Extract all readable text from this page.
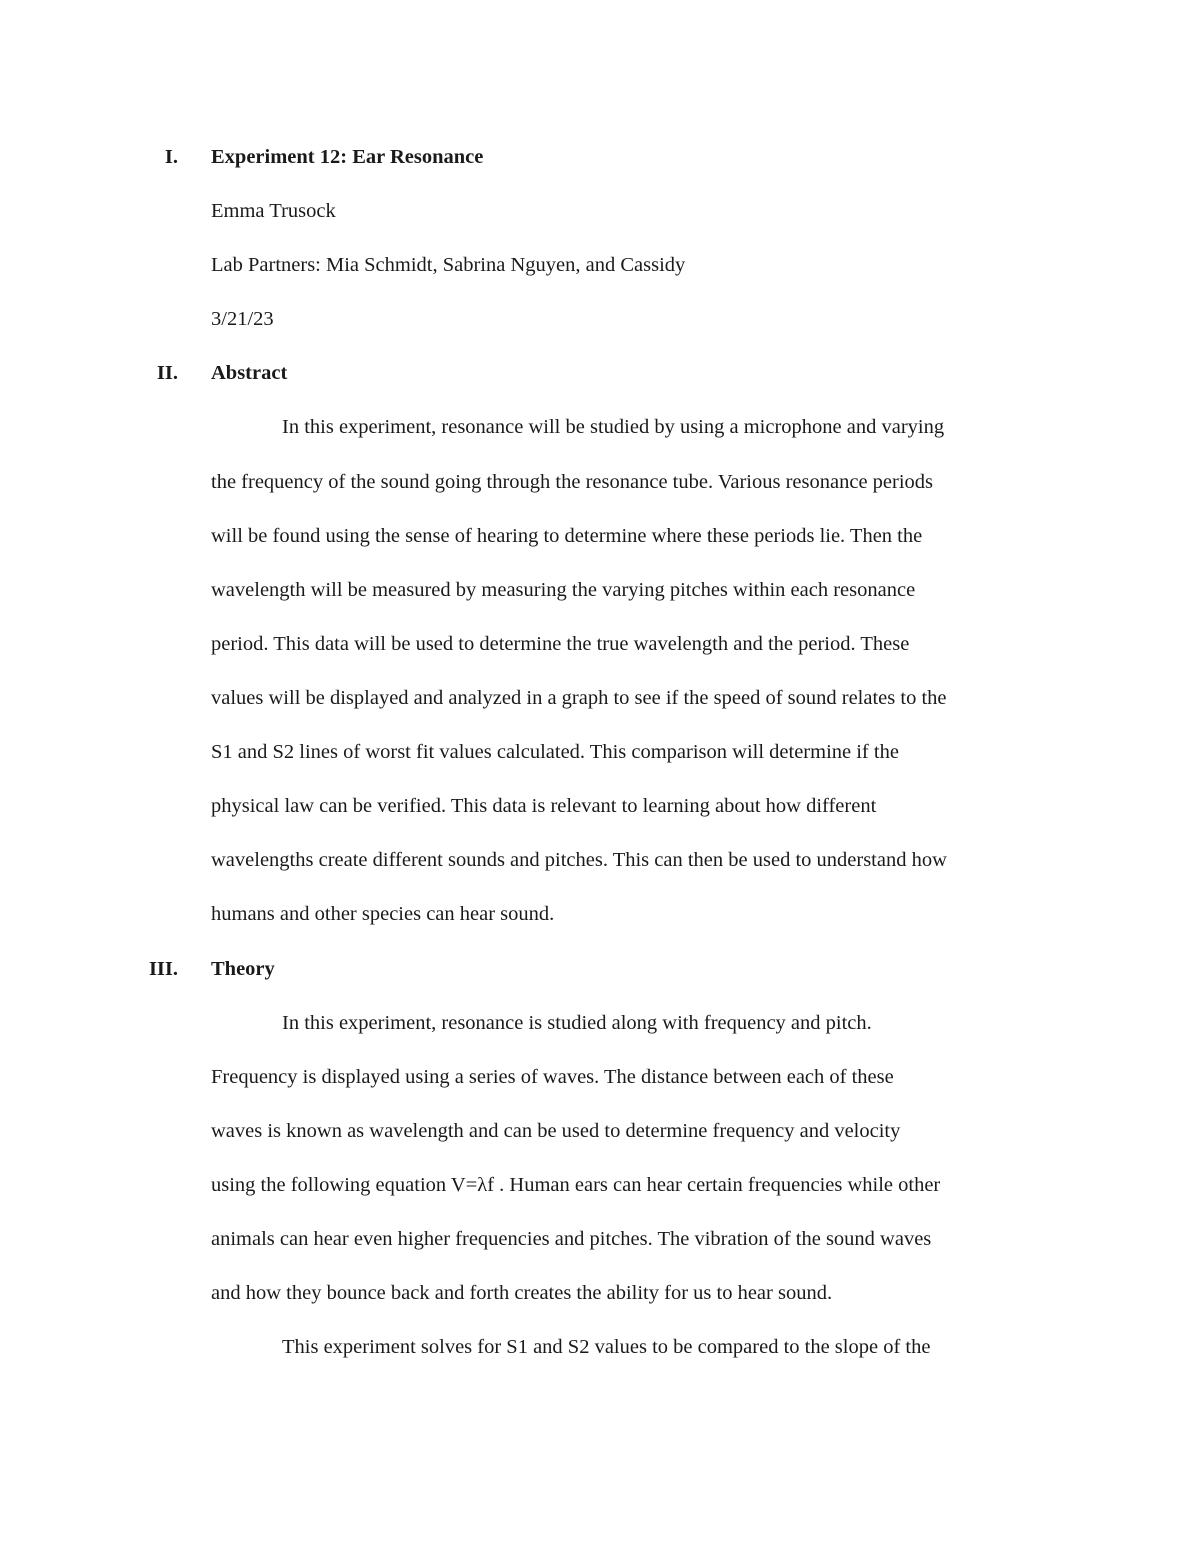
I. Experiment 12: Ear Resonance
Emma Trusock
Lab Partners: Mia Schmidt, Sabrina Nguyen, and Cassidy
3/21/23
II. Abstract
In this experiment, resonance will be studied by using a microphone and varying
the frequency of the sound going through the resonance tube. Various resonance periods
will be found using the sense of hearing to determine where these periods lie. Then the
wavelength will be measured by measuring the varying pitches within each resonance
period. This data will be used to determine the true wavelength and the period. These
values will be displayed and analyzed in a graph to see if the speed of sound relates to the
S1 and S2 lines of worst fit values calculated. This comparison will determine if the
physical law can be verified. This data is relevant to learning about how different
wavelengths create different sounds and pitches. This can then be used to understand how
humans and other species can hear sound.
III. Theory
In this experiment, resonance is studied along with frequency and pitch.
Frequency is displayed using a series of waves. The distance between each of these
waves is known as wavelength and can be used to determine frequency and velocity
using the following equation V=λf . Human ears can hear certain frequencies while other
animals can hear even higher frequencies and pitches. The vibration of the sound waves
and how they bounce back and forth creates the ability for us to hear sound.
This experiment solves for S1 and S2 values to be compared to the slope of the
